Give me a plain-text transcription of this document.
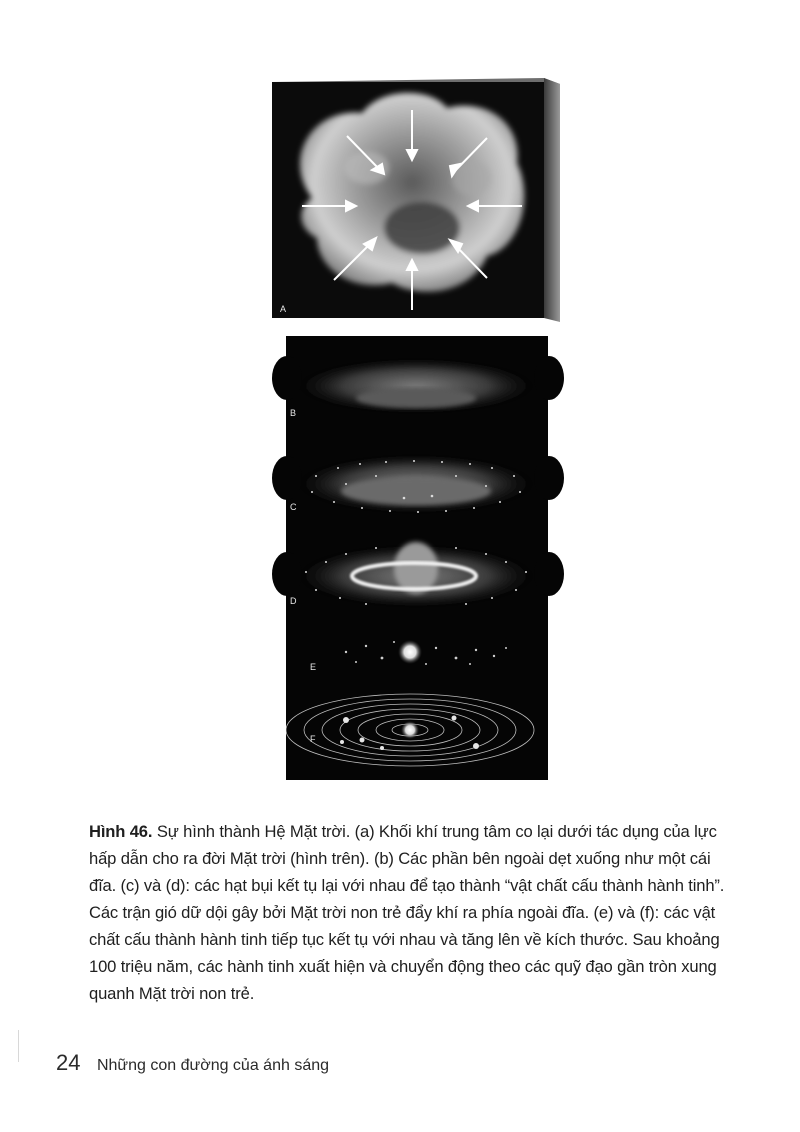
A
B
C
D
E
F
Hình 46. Sự hình thành Hệ Mặt trời. (a) Khối khí trung tâm co lại dưới tác dụng của lực hấp dẫn cho ra đời Mặt trời (hình trên). (b) Các phần bên ngoài dẹt xuống như một cái đĩa. (c) và (d): các hạt bụi kết tụ lại với nhau để tạo thành “vật chất cấu thành hành tinh”. Các trận gió dữ dội gây bởi Mặt trời non trẻ đẩy khí ra phía ngoài đĩa. (e) và (f): các vật chất cấu thành hành tinh tiếp tục kết tụ với nhau và tăng lên về kích thước. Sau khoảng 100 triệu năm, các hành tinh xuất hiện và chuyển động theo các quỹ đạo gần tròn xung quanh Mặt trời non trẻ.
24 Những con đường của ánh sáng
